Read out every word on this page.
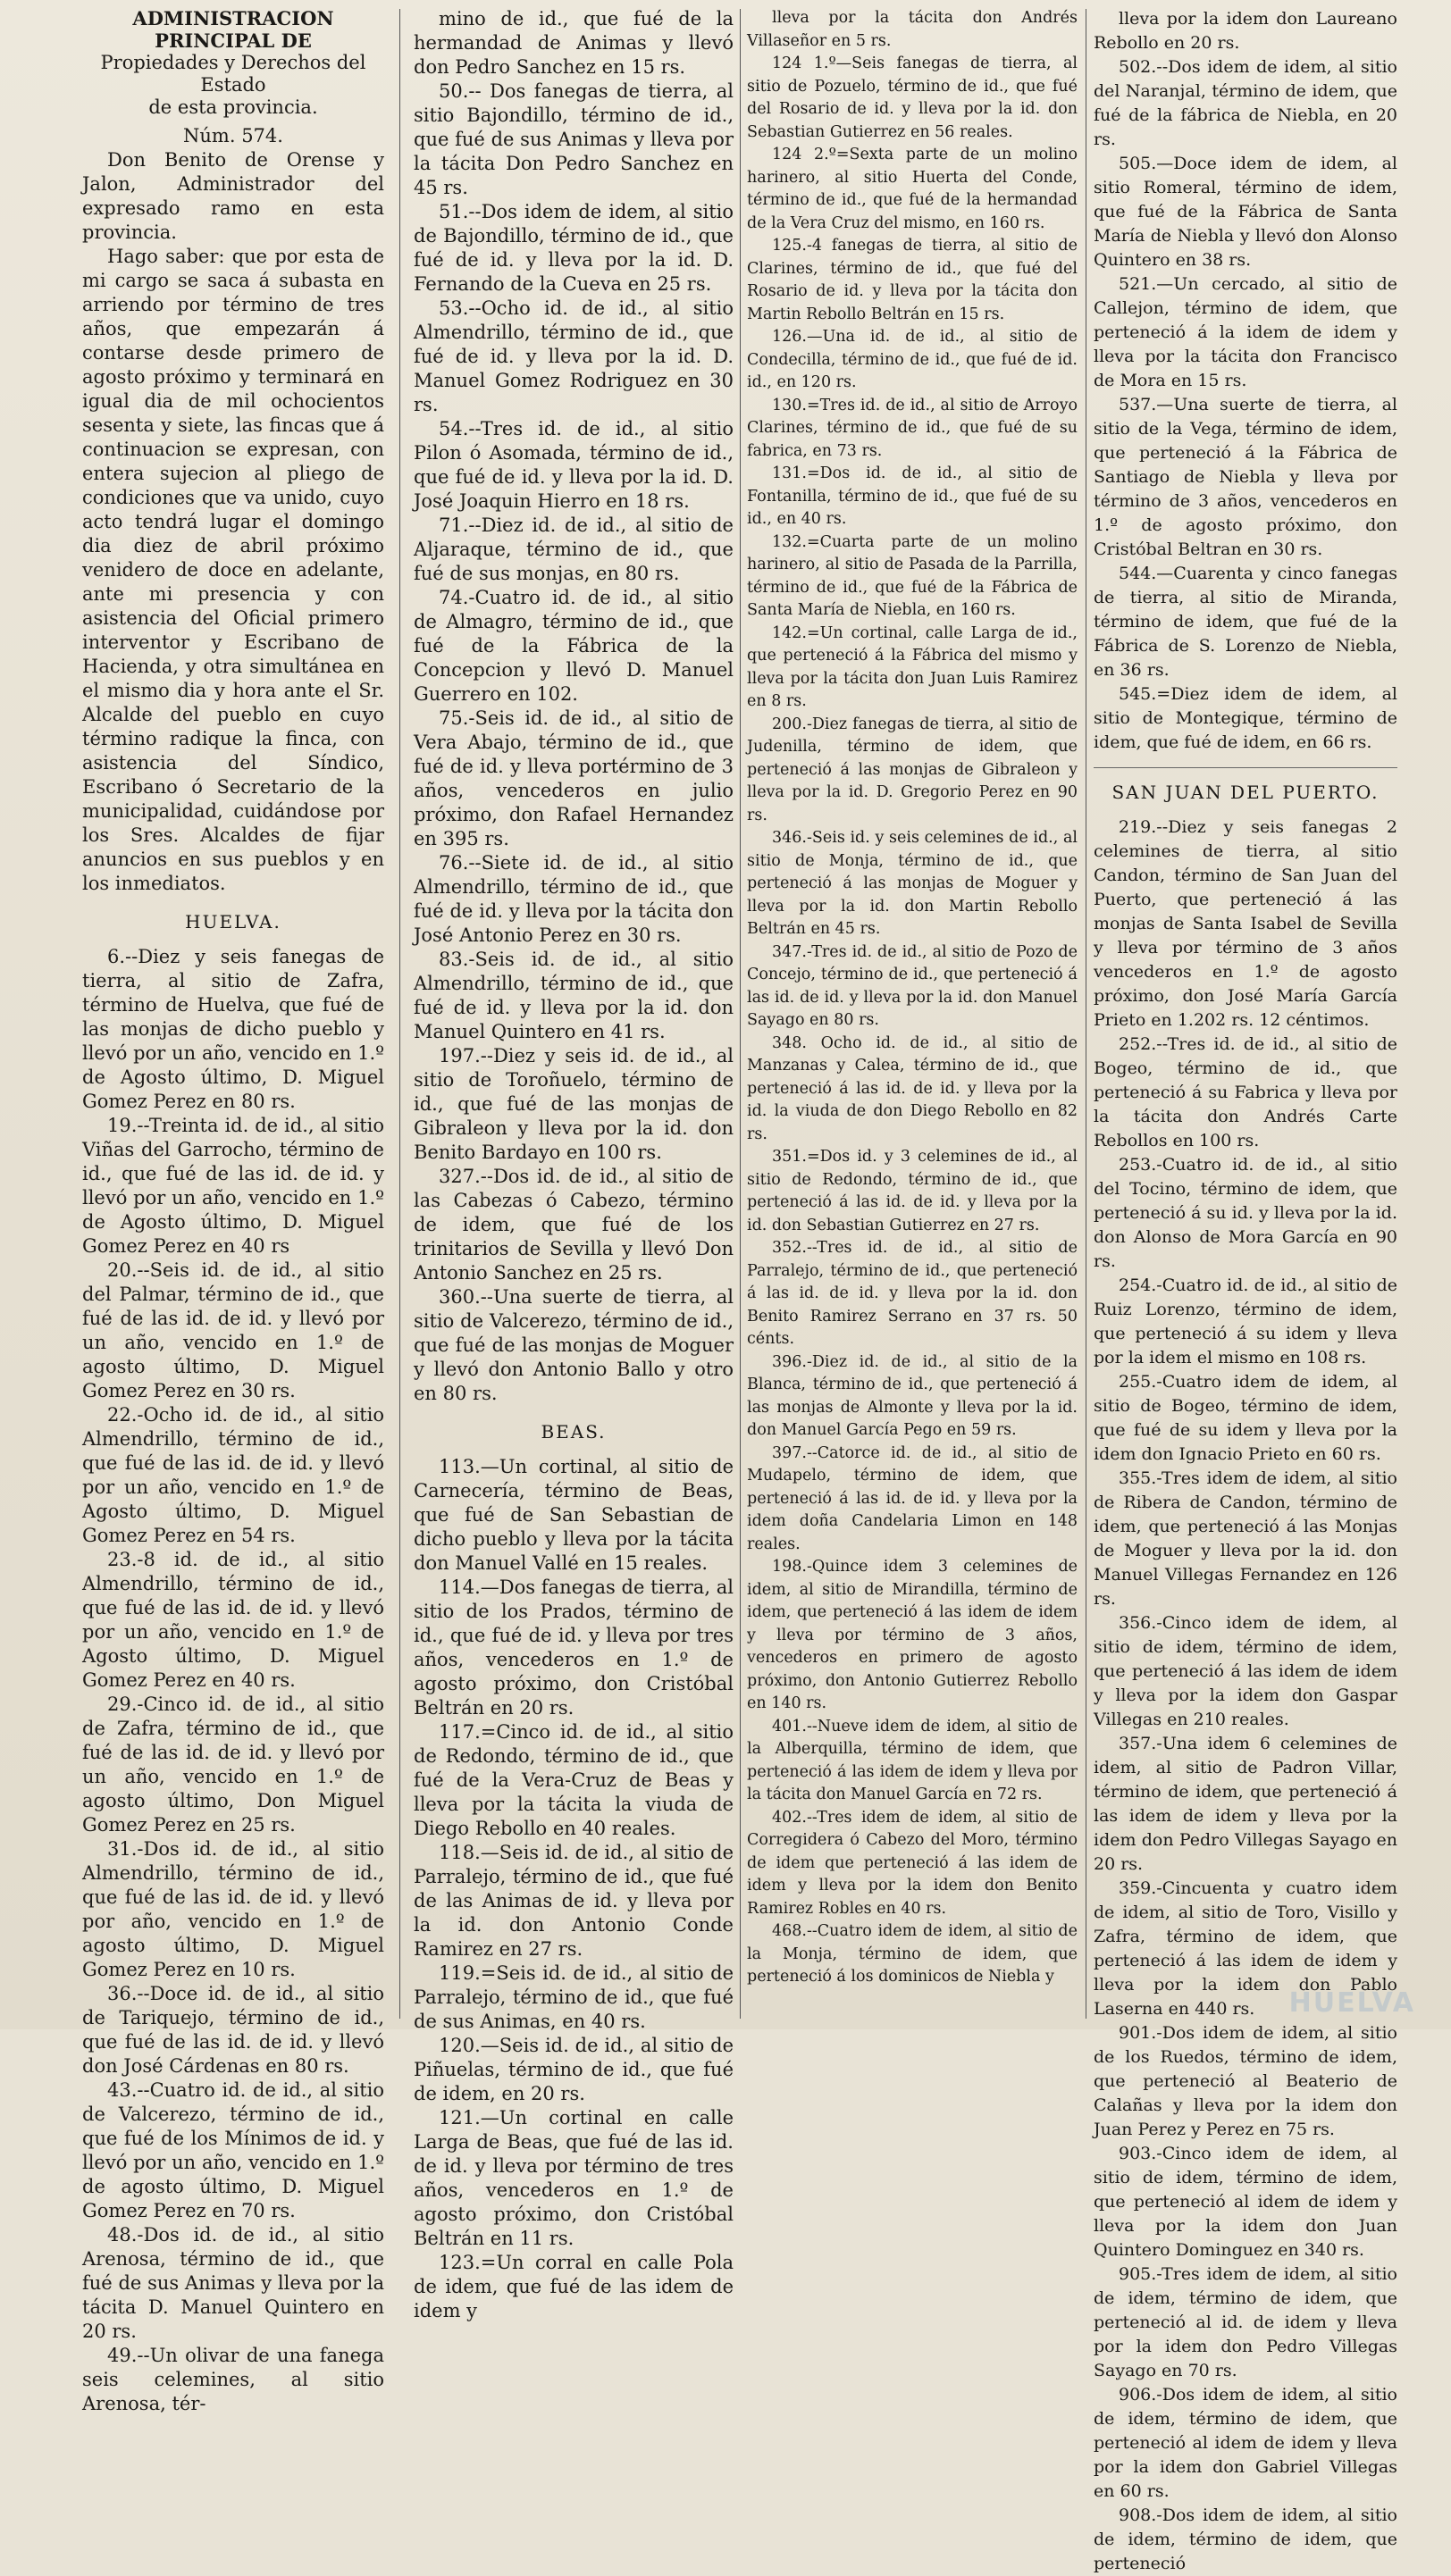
ADMINISTRACION PRINCIPAL DE

Propiedades y Derechos del Estado

de esta provincia.

Núm. 574.

Don Benito de Orense y Jalon, Administrador del expresado ramo en esta provincia.

Hago saber: que por esta de mi cargo se saca á subasta en arriendo por término de tres años, que empezarán á contarse desde primero de agosto próximo y terminará en igual dia de mil ochocientos sesenta y siete, las fincas que á continuacion se expresan, con entera sujecion al pliego de condiciones que va unido, cuyo acto tendrá lugar el domingo dia diez de abril próximo venidero de doce en adelante, ante mi presencia y con asistencia del Oficial primero interventor y Escribano de Hacienda, y otra simultánea en el mismo dia y hora ante el Sr. Alcalde del pueblo en cuyo término radique la finca, con asistencia del Síndico, Escribano ó Secretario de la municipalidad, cuidándose por los Sres. Alcaldes de fijar anuncios en sus pueblos y en los inmediatos.

HUELVA.

6.--Diez y seis fanegas de tierra, al sitio de Zafra, término de Huelva, que fué de las monjas de dicho pueblo y llevó por un año, vencido en 1.º de Agosto último, D. Miguel Gomez Perez en 80 rs.

19.--Treinta id. de id., al sitio Viñas del Garrocho, término de id., que fué de las id. de id. y llevó por un año, vencido en 1.º de Agosto último, D. Miguel Gomez Perez en 40 rs

20.--Seis id. de id., al sitio del Palmar, término de id., que fué de las id. de id. y llevó por un año, vencido en 1.º de agosto último, D. Miguel Gomez Perez en 30 rs.

22.-Ocho id. de id., al sitio Almendrillo, término de id., que fué de las id. de id. y llevó por un año, vencido en 1.º de Agosto último, D. Miguel Gomez Perez en 54 rs.

23.-8 id. de id., al sitio Almendrillo, término de id., que fué de las id. de id. y llevó por un año, vencido en 1.º de Agosto último, D. Miguel Gomez Perez en 40 rs.

29.-Cinco id. de id., al sitio de Zafra, término de id., que fué de las id. de id. y llevó por un año, vencido en 1.º de agosto último, Don Miguel Gomez Perez en 25 rs.

31.-Dos id. de id., al sitio Almendrillo, término de id., que fué de las id. de id. y llevó por año, vencido en 1.º de agosto último, D. Miguel Gomez Perez en 10 rs.

36.--Doce id. de id., al sitio de Tariquejo, término de id., que fué de las id. de id. y llevó don José Cárdenas en 80 rs.

43.--Cuatro id. de id., al sitio de Valcerezo, término de id., que fué de los Mínimos de id. y llevó por un año, vencido en 1.º de agosto último, D. Miguel Gomez Perez en 70 rs.

48.-Dos id. de id., al sitio Arenosa, término de id., que fué de sus Animas y lleva por la tácita D. Manuel Quintero en 20 rs.

49.--Un olivar de una fanega seis celemines, al sitio Arenosa, tér-

mino de id., que fué de la hermandad de Animas y llevó don Pedro Sanchez en 15 rs.

50.-- Dos fanegas de tierra, al sitio Bajondillo, término de id., que fué de sus Animas y lleva por la tácita Don Pedro Sanchez en 45 rs.

51.--Dos idem de idem, al sitio de Bajondillo, término de id., que fué de id. y lleva por la id. D. Fernando de la Cueva en 25 rs.

53.--Ocho id. de id., al sitio Almendrillo, término de id., que fué de id. y lleva por la id. D. Manuel Gomez Rodriguez en 30 rs.

54.--Tres id. de id., al sitio Pilon ó Asomada, término de id., que fué de id. y lleva por la id. D. José Joaquin Hierro en 18 rs.

71.--Diez id. de id., al sitio de Aljaraque, término de id., que fué de sus monjas, en 80 rs.

74.-Cuatro id. de id., al sitio de Almagro, término de id., que fué de la Fábrica de la Concepcion y llevó D. Manuel Guerrero en 102.

75.-Seis id. de id., al sitio de Vera Abajo, término de id., que fué de id. y lleva portérmino de 3 años, vencederos en julio próximo, don Rafael Hernandez en 395 rs.

76.--Siete id. de id., al sitio Almendrillo, término de id., que fué de id. y lleva por la tácita don José Antonio Perez en 30 rs.

83.-Seis id. de id., al sitio Almendrillo, término de id., que fué de id. y lleva por la id. don Manuel Quintero en 41 rs.

197.--Diez y seis id. de id., al sitio de Toroñuelo, término de id., que fué de las monjas de Gibraleon y lleva por la id. don Benito Bardayo en 100 rs.

327.--Dos id. de id., al sitio de las Cabezas ó Cabezo, término de idem, que fué de los trinitarios de Sevilla y llevó Don Antonio Sanchez en 25 rs.

360.--Una suerte de tierra, al sitio de Valcerezo, término de id., que fué de las monjas de Moguer y llevó don Antonio Ballo y otro en 80 rs.

BEAS.

113.—Un cortinal, al sitio de Carnecería, término de Beas, que fué de San Sebastian de dicho pueblo y lleva por la tácita don Manuel Vallé en 15 reales.

114.—Dos fanegas de tierra, al sitio de los Prados, término de id., que fué de id. y lleva por tres años, vencederos en 1.º de agosto próximo, don Cristóbal Beltrán en 20 rs.

117.=Cinco id. de id., al sitio de Redondo, término de id., que fué de la Vera-Cruz de Beas y lleva por la tácita la viuda de Diego Rebollo en 40 reales.

118.—Seis id. de id., al sitio de Parralejo, término de id., que fué de las Animas de id. y lleva por la id. don Antonio Conde Ramirez en 27 rs.

119.=Seis id. de id., al sitio de Parralejo, término de id., que fué de sus Animas, en 40 rs.

120.—Seis id. de id., al sitio de Piñuelas, término de id., que fué de idem, en 20 rs.

121.—Un cortinal en calle Larga de Beas, que fué de las id. de id. y lleva por término de tres años, vencederos en 1.º de agosto próximo, don Cristóbal Beltrán en 11 rs.

123.=Un corral en calle Pola de idem, que fué de las idem de idem y

lleva por la tácita don Andrés Villaseñor en 5 rs.

124 1.º—Seis fanegas de tierra, al sitio de Pozuelo, término de id., que fué del Rosario de id. y lleva por la id. don Sebastian Gutierrez en 56 reales.

124 2.º=Sexta parte de un molino harinero, al sitio Huerta del Conde, término de id., que fué de la hermandad de la Vera Cruz del mismo, en 160 rs.

125.-4 fanegas de tierra, al sitio de Clarines, término de id., que fué del Rosario de id. y lleva por la tácita don Martin Rebollo Beltrán en 15 rs.

126.—Una id. de id., al sitio de Condecilla, término de id., que fué de id. id., en 120 rs.

130.=Tres id. de id., al sitio de Arroyo Clarines, término de id., que fué de su fabrica, en 73 rs.

131.=Dos id. de id., al sitio de Fontanilla, término de id., que fué de su id., en 40 rs.

132.=Cuarta parte de un molino harinero, al sitio de Pasada de la Parrilla, término de id., que fué de la Fábrica de Santa María de Niebla, en 160 rs.

142.=Un cortinal, calle Larga de id., que perteneció á la Fábrica del mismo y lleva por la tácita don Juan Luis Ramirez en 8 rs.

200.-Diez fanegas de tierra, al sitio de Judenilla, término de idem, que perteneció á las monjas de Gibraleon y lleva por la id. D. Gregorio Perez en 90 rs.

346.-Seis id. y seis celemines de id., al sitio de Monja, término de id., que perteneció á las monjas de Moguer y lleva por la id. don Martin Rebollo Beltrán en 45 rs.

347.-Tres id. de id., al sitio de Pozo de Concejo, término de id., que perteneció á las id. de id. y lleva por la id. don Manuel Sayago en 80 rs.

348. Ocho id. de id., al sitio de Manzanas y Calea, término de id., que perteneció á las id. de id. y lleva por la id. la viuda de don Diego Rebollo en 82 rs.

351.=Dos id. y 3 celemines de id., al sitio de Redondo, término de id., que perteneció á las id. de id. y lleva por la id. don Sebastian Gutierrez en 27 rs.

352.--Tres id. de id., al sitio de Parralejo, término de id., que perteneció á las id. de id. y lleva por la id. don Benito Ramirez Serrano en 37 rs. 50 cénts.

396.-Diez id. de id., al sitio de la Blanca, término de id., que perteneció á las monjas de Almonte y lleva por la id. don Manuel García Pego en 59 rs.

397.--Catorce id. de id., al sitio de Mudapelo, término de idem, que perteneció á las id. de id. y lleva por la idem doña Candelaria Limon en 148 reales.

198.-Quince idem 3 celemines de idem, al sitio de Mirandilla, término de idem, que perteneció á las idem de idem y lleva por término de 3 años, vencederos en primero de agosto próximo, don Antonio Gutierrez Rebollo en 140 rs.

401.--Nueve idem de idem, al sitio de la Alberquilla, término de idem, que perteneció á las idem de idem y lleva por la tácita don Manuel García en 72 rs.

402.--Tres idem de idem, al sitio de Corregidera ó Cabezo del Moro, término de idem que perteneció á las idem de idem y lleva por la idem don Benito Ramirez Robles en 40 rs.

468.--Cuatro idem de idem, al sitio de la Monja, término de idem, que perteneció á los dominicos de Niebla y

lleva por la idem don Laureano Rebollo en 20 rs.

502.--Dos idem de idem, al sitio del Naranjal, término de idem, que fué de la fábrica de Niebla, en 20 rs.

505.—Doce idem de idem, al sitio Romeral, término de idem, que fué de la Fábrica de Santa María de Niebla y llevó don Alonso Quintero en 38 rs.

521.—Un cercado, al sitio de Callejon, término de idem, que perteneció á la idem de idem y lleva por la tácita don Francisco de Mora en 15 rs.

537.—Una suerte de tierra, al sitio de la Vega, término de idem, que perteneció á la Fábrica de Santiago de Niebla y lleva por término de 3 años, vencederos en 1.º de agosto próximo, don Cristóbal Beltran en 30 rs.

544.—Cuarenta y cinco fanegas de tierra, al sitio de Miranda, término de idem, que fué de la Fábrica de S. Lorenzo de Niebla, en 36 rs.

545.=Diez idem de idem, al sitio de Montegique, término de idem, que fué de idem, en 66 rs.

SAN JUAN DEL PUERTO.

219.--Diez y seis fanegas 2 celemines de tierra, al sitio Candon, término de San Juan del Puerto, que perteneció á las monjas de Santa Isabel de Sevilla y lleva por término de 3 años vencederos en 1.º de agosto próximo, don José María García Prieto en 1.202 rs. 12 céntimos.

252.--Tres id. de id., al sitio de Bogeo, término de id., que perteneció á su Fabrica y lleva por la tácita don Andrés Carte Rebollos en 100 rs.

253.-Cuatro id. de id., al sitio del Tocino, término de idem, que perteneció á su id. y lleva por la id. don Alonso de Mora García en 90 rs.

254.-Cuatro id. de id., al sitio de Ruiz Lorenzo, término de idem, que perteneció á su idem y lleva por la idem el mismo en 108 rs.

255.-Cuatro idem de idem, al sitio de Bogeo, término de idem, que fué de su idem y lleva por la idem don Ignacio Prieto en 60 rs.

355.-Tres idem de idem, al sitio de Ribera de Candon, término de idem, que perteneció á las Monjas de Moguer y lleva por la id. don Manuel Villegas Fernandez en 126 rs.

356.-Cinco idem de idem, al sitio de idem, término de idem, que perteneció á las idem de idem y lleva por la idem don Gaspar Villegas en 210 reales.

357.-Una idem 6 celemines de idem, al sitio de Padron Villar, término de idem, que perteneció á las idem de idem y lleva por la idem don Pedro Villegas Sayago en 20 rs.

359.-Cincuenta y cuatro idem de idem, al sitio de Toro, Visillo y Zafra, término de idem, que perteneció á las idem de idem y lleva por la idem don Pablo Laserna en 440 rs.

901.-Dos idem de idem, al sitio de los Ruedos, término de idem, que perteneció al Beaterio de Calañas y lleva por la idem don Juan Perez y Perez en 75 rs.

903.-Cinco idem de idem, al sitio de idem, término de idem, que perteneció al idem de idem y lleva por la idem don Juan Quintero Dominguez en 340 rs.

905.-Tres idem de idem, al sitio de idem, término de idem, que perteneció al id. de idem y lleva por la idem don Pedro Villegas Sayago en 70 rs.

906.-Dos idem de idem, al sitio de idem, término de idem, que perteneció al idem de idem y lleva por la idem don Gabriel Villegas en 60 rs.

908.-Dos idem de idem, al sitio de idem, término de idem, que perteneció

HUELVA
